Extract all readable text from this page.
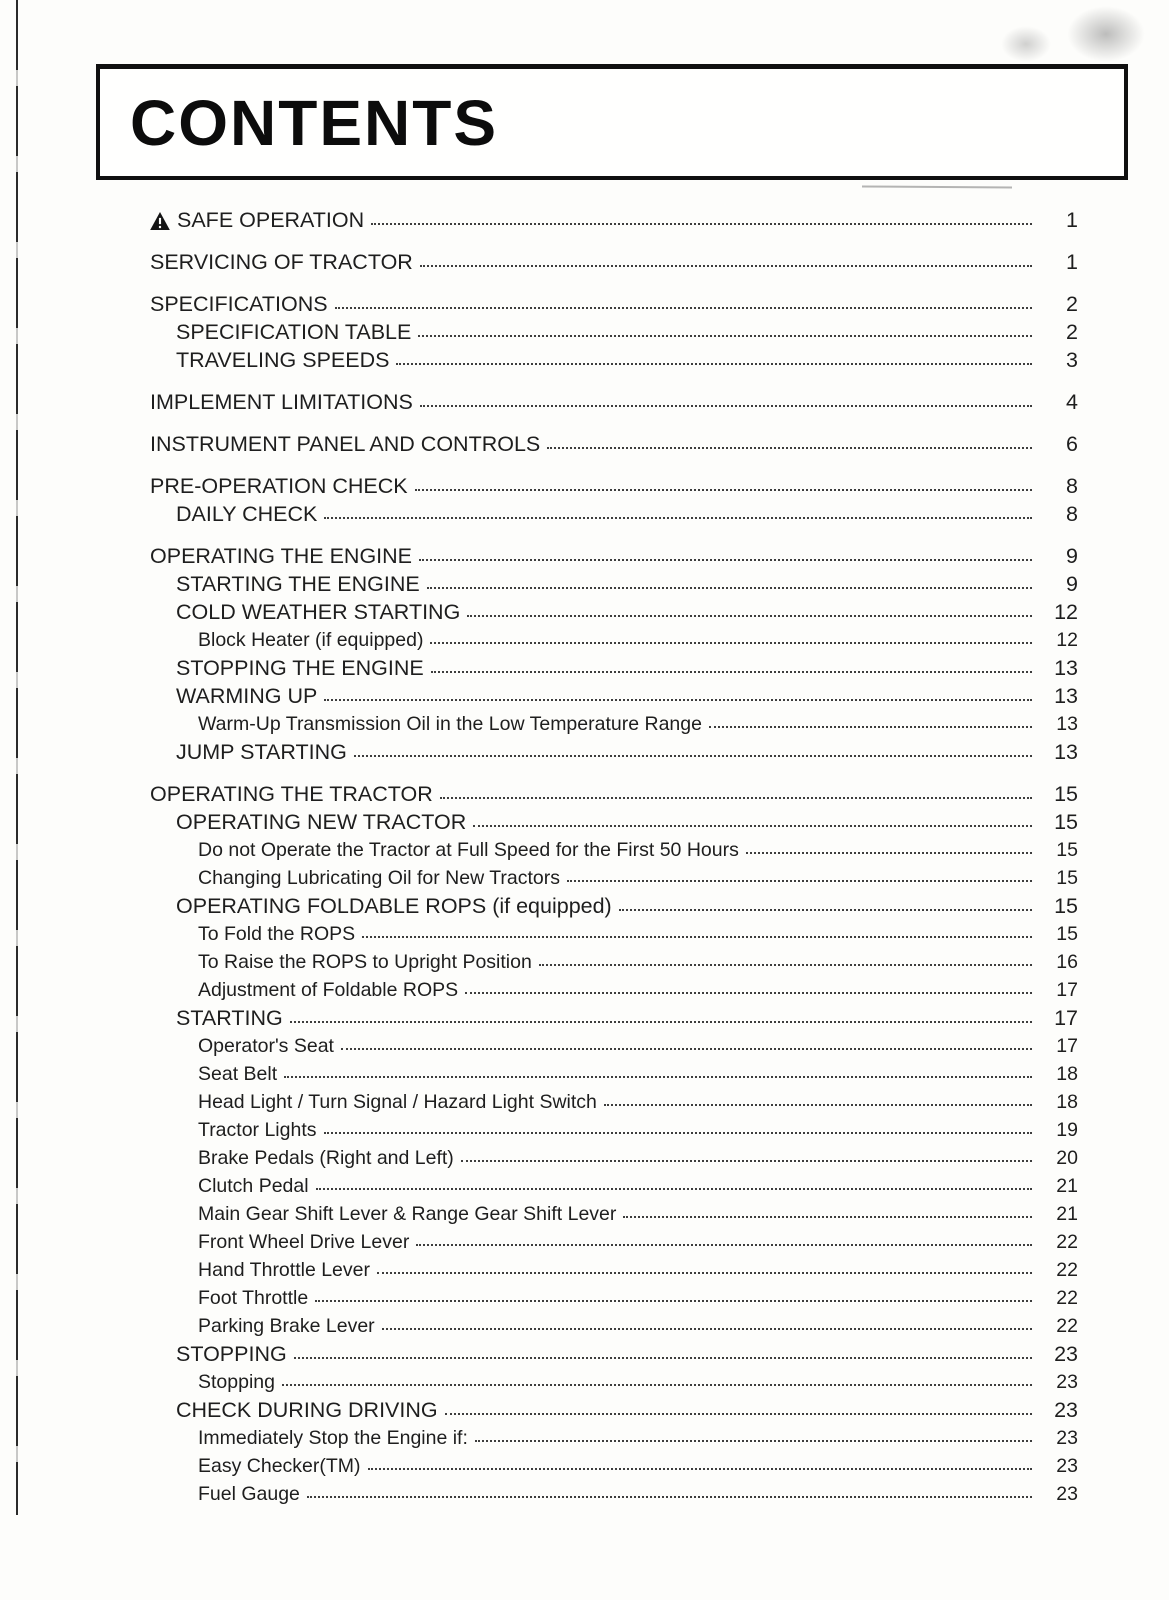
CONTENTS
SAFE OPERATION	1
SERVICING OF TRACTOR	1
SPECIFICATIONS	2
SPECIFICATION TABLE	2
TRAVELING SPEEDS	3
IMPLEMENT LIMITATIONS	4
INSTRUMENT PANEL AND CONTROLS	6
PRE-OPERATION CHECK	8
DAILY CHECK	8
OPERATING THE ENGINE	9
STARTING THE ENGINE	9
COLD WEATHER STARTING	12
Block Heater (if equipped)	12
STOPPING THE ENGINE	13
WARMING UP	13
Warm-Up Transmission Oil in the Low Temperature Range	13
JUMP STARTING	13
OPERATING THE TRACTOR	15
OPERATING NEW TRACTOR	15
Do not Operate the Tractor at Full Speed for the First 50 Hours	15
Changing Lubricating Oil for New Tractors	15
OPERATING FOLDABLE ROPS (if equipped)	15
To Fold the ROPS	15
To Raise the ROPS to Upright Position	16
Adjustment of Foldable ROPS	17
STARTING	17
Operator's Seat	17
Seat Belt	18
Head Light / Turn Signal / Hazard Light Switch	18
Tractor Lights	19
Brake Pedals (Right and Left)	20
Clutch Pedal	21
Main Gear Shift Lever & Range Gear Shift Lever	21
Front Wheel Drive Lever	22
Hand Throttle Lever	22
Foot Throttle	22
Parking Brake Lever	22
STOPPING	23
Stopping	23
CHECK DURING DRIVING	23
Immediately Stop the Engine if:	23
Easy Checker(TM)	23
Fuel Gauge	23
